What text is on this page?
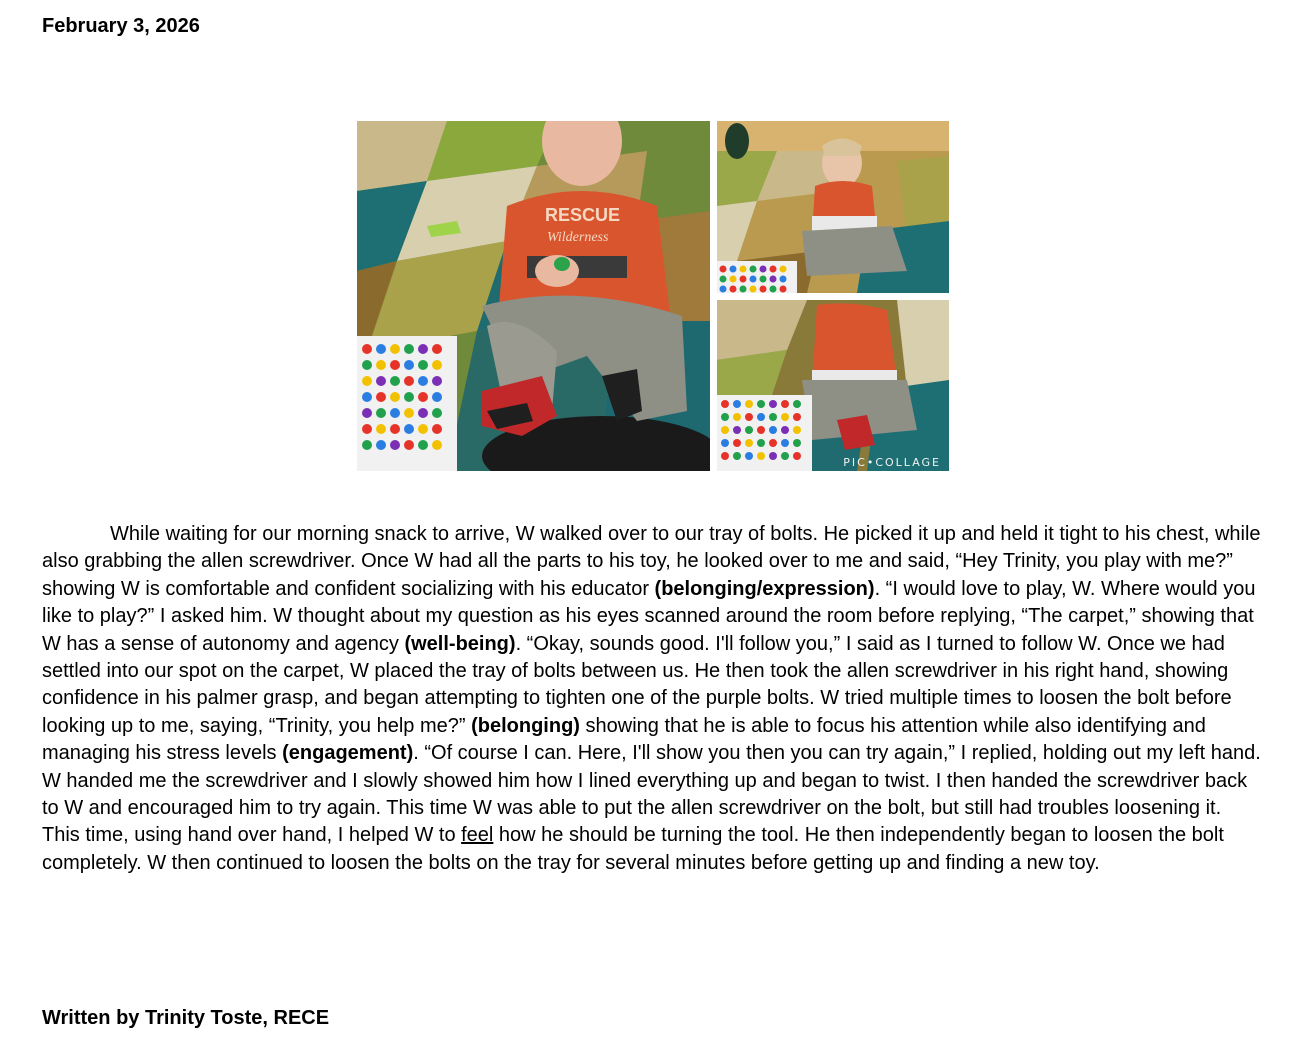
February 3, 2026
RESCUE
Wilderness
PIC•COLLAGE

While waiting for our morning snack to arrive, W walked over to our tray of bolts. He picked it up and held it tight to his chest, while also grabbing the allen screwdriver. Once W had all the parts to his toy, he looked over to me and said, “Hey Trinity, you play with me?” showing W is comfortable and confident socializing with his educator (belonging/expression). “I would love to play, W. Where would you like to play?” I asked him. W thought about my question as his eyes scanned around the room before replying, “The carpet,” showing that W has a sense of autonomy and agency (well-being). “Okay, sounds good. I'll follow you,” I said as I turned to follow W. Once we had settled into our spot on the carpet, W placed the tray of bolts between us. He then took the allen screwdriver in his right hand, showing confidence in his palmer grasp, and began attempting to tighten one of the purple bolts. W tried multiple times to loosen the bolt before looking up to me, saying, “Trinity, you help me?” (belonging) showing that he is able to focus his attention while also identifying and managing his stress levels (engagement). “Of course I can. Here, I'll show you then you can try again,” I replied, holding out my left hand. W handed me the screwdriver and I slowly showed him how I lined everything up and began to twist. I then handed the screwdriver back to W and encouraged him to try again. This time W was able to put the allen screwdriver on the bolt, but still had troubles loosening it. This time, using hand over hand, I helped W to feel how he should be turning the tool. He then independently began to loosen the bolt completely. W then continued to loosen the bolts on the tray for several minutes before getting up and finding a new toy.

Written by Trinity Toste, RECE
